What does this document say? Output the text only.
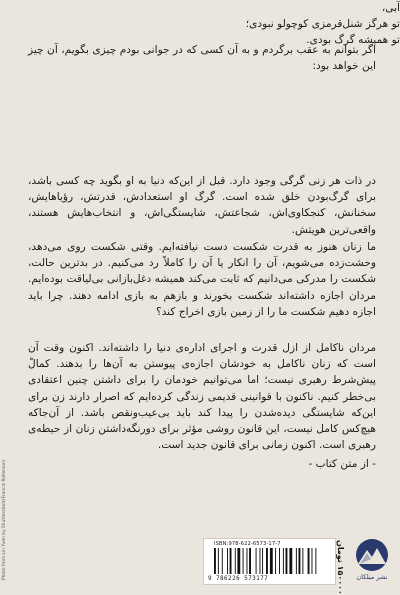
اگر بتوانم به عقب برگردم و به آن کسی که در جوانی بودم چیزی بگویم، آن چیز این خواهد بود:

آبی،

تو هرگز شنل‌قرمزی کوچولو نبودی؛

تو همیشه گرگ بودی.

در ذات هر زنی گرگی وجود دارد. قبل از این‌که دنیا به او بگوید چه کسی باشد، برای گرگ‌بودن خلق شده است. گرگ او استعدادش، قدرتش، رؤیاهایش، سخنانش، کنجکاوی‌اش، شجاعتش، شایستگی‌اش، و انتخاب‌هایش هستند، واقعی‌ترین هویتش.

ما زنان هنوز به قدرت شکست دست نیافته‌ایم. وقتی شکست روی می‌دهد، وحشت‌زده می‌شویم، آن را انکار یا آن را کاملاً رد می‌کنیم. در بدترین حالت، شکست را مدرکی می‌دانیم که ثابت می‌کند همیشه دغل‌بازانی بی‌لیاقت بوده‌ایم. مردان اجازه داشته‌اند شکست بخورند و بازهم به بازی ادامه دهند. چرا باید اجازه دهیم شکست ما را از زمین بازی اخراج کند؟

مردان ناکامل از ازل قدرت و اجرای اداره‌ی دنیا را داشته‌اند. اکنون وقت آن است که زنان ناکامل به خودشان اجازه‌ی پیوستن به آن‌ها را بدهند. کمالْ پیش‌شرط رهبری نیست؛ اما می‌توانیم خودمان را برای داشتن چنین اعتقادی بی‌خطر کنیم. ناکنون با قوانینی قدیمی زندگی کرده‌ایم که اصرار دارند زن برای این‌که شایستگی دیده‌شدن را پیدا کند باید بی‌عیب‌ونقص باشد. از آن‌جاکه هیچ‌کس کامل نیست، این قانون روشی مؤثر برای دورنگه‌داشتن زنان از حیطه‌ی رهبری است. اکنون زمانی برای قانون جدید است.

- از متن کتاب -
Photo from Lin Yuen by Shutterstock(Francis Rollerson)	ISBN:978-622-6573-17-7
9 786226 573177
۱۵۰۰۰۰ تومان	نشر میلکان
